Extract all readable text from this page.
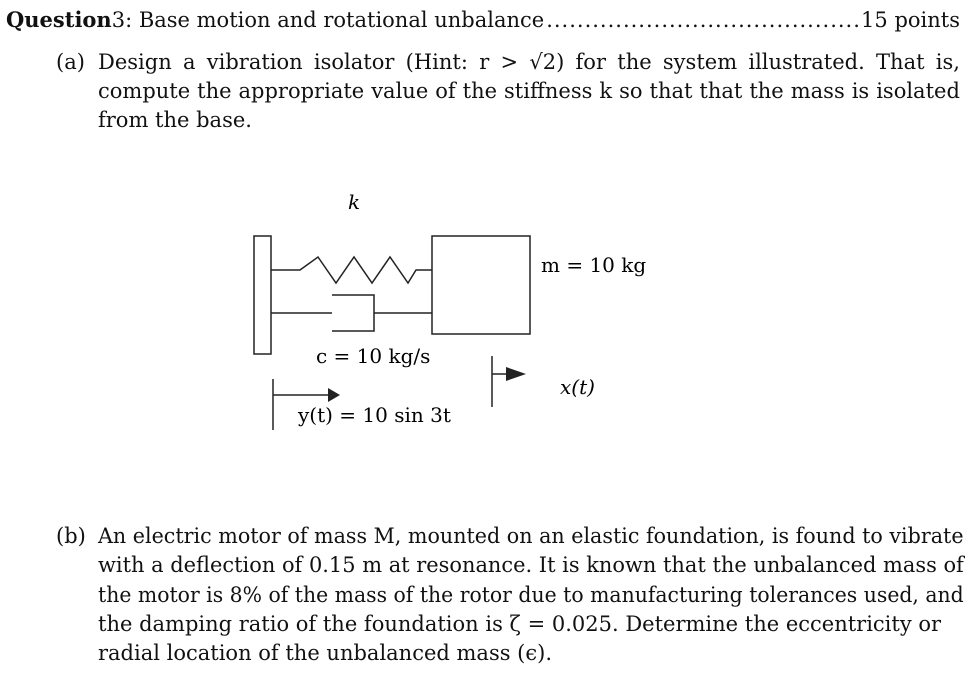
Question 3: Base motion and rotational unbalance
.....	15 points
(a) Design a vibration isolator (Hint: r > √2) for the system illustrated. That is,
compute the appropriate value of the stiffness k so that that the mass is isolated
from the base.
k
m = 10 kg
c = 10 kg/s
y(t) = 10 sin 3t
x(t)
(b) An electric motor of mass M, mounted on an elastic foundation, is found to vibrate
with a deflection of 0.15 m at resonance. It is known that the unbalanced mass of
the motor is 8% of the mass of the rotor due to manufacturing tolerances used, and
the damping ratio of the foundation is ζ = 0.025. Determine the eccentricity or
radial location of the unbalanced mass (ϵ).
